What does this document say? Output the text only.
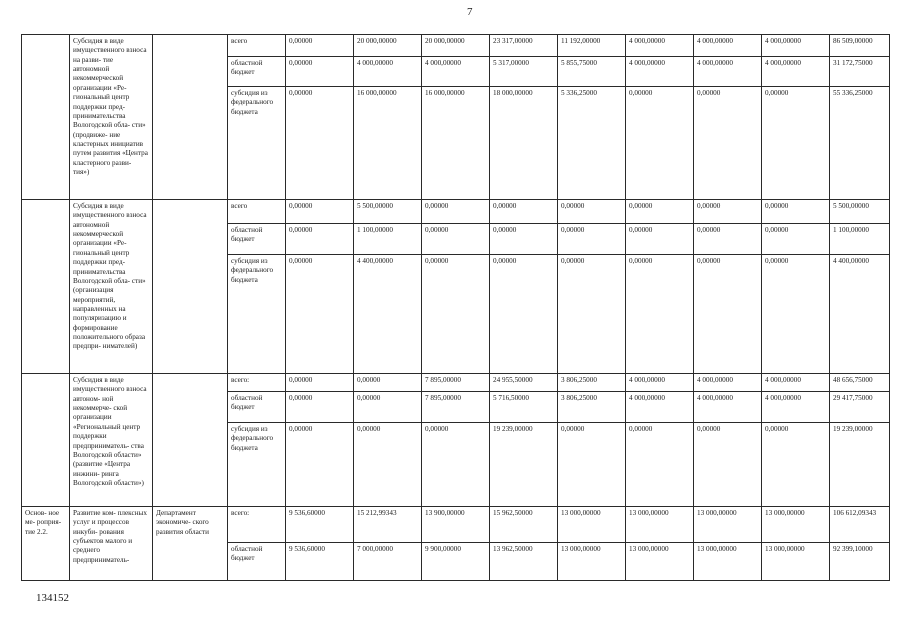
7
	Субсидия в виде имущественного взноса на разви- тие автономной некоммерческой организации «Ре- гиональный центр поддержки пред- принимательства Вологодской обла- сти» (продвиже- ние кластерных инициатив путем развития «Центра кластерного разви- тия»)		всего	0,00000	20 000,00000	20 000,00000	23 317,00000	11 192,00000	4 000,00000	4 000,00000	4 000,00000	86 509,00000
			областной бюджет	0,00000	4 000,00000	4 000,00000	5 317,00000	5 855,75000	4 000,00000	4 000,00000	4 000,00000	31 172,75000
			субсидия из федерального бюджета	0,00000	16 000,00000	16 000,00000	18 000,00000	5 336,25000	0,00000	0,00000	0,00000	55 336,25000
	Субсидия в виде имущественного взноса автономной некоммерческой организации «Ре- гиональный центр поддержки пред- принимательства Вологодской обла- сти» (организация мероприятий, направленных на популяризацию и формирование положительного образа предпри- нимателей)		всего	0,00000	5 500,00000	0,00000	0,00000	0,00000	0,00000	0,00000	0,00000	5 500,00000
			областной бюджет	0,00000	1 100,00000	0,00000	0,00000	0,00000	0,00000	0,00000	0,00000	1 100,00000
			субсидия из федерального бюджета	0,00000	4 400,00000	0,00000	0,00000	0,00000	0,00000	0,00000	0,00000	4 400,00000
	Субсидия в виде имущественного взноса автоном- ной некоммерче- ской организации «Региональный центр поддержки предприниматель- ства Вологодской области» (развитие «Центра инжини- ринга Вологодской области»)		всего:	0,00000	0,00000	7 895,00000	24 955,50000	3 806,25000	4 000,00000	4 000,00000	4 000,00000	48 656,75000
			областной бюджет	0,00000	0,00000	7 895,00000	5 716,50000	3 806,25000	4 000,00000	4 000,00000	4 000,00000	29 417,75000
			субсидия из федерального бюджета	0,00000	0,00000	0,00000	19 239,00000	0,00000	0,00000	0,00000	0,00000	19 239,00000
Основ- ное ме- роприя- тие 2.2.	Развитие ком- плексных услуг и процессов инкуби- рования субъектов малого и среднего предприниматель-	Департамент экономиче- ского развития области	всего:	9 536,60000	15 212,99343	13 900,00000	15 962,50000	13 000,00000	13 000,00000	13 000,00000	13 000,00000	106 612,09343
			областной бюджет	9 536,60000	7 000,00000	9 900,00000	13 962,50000	13 000,00000	13 000,00000	13 000,00000	13 000,00000	92 399,10000
134152
